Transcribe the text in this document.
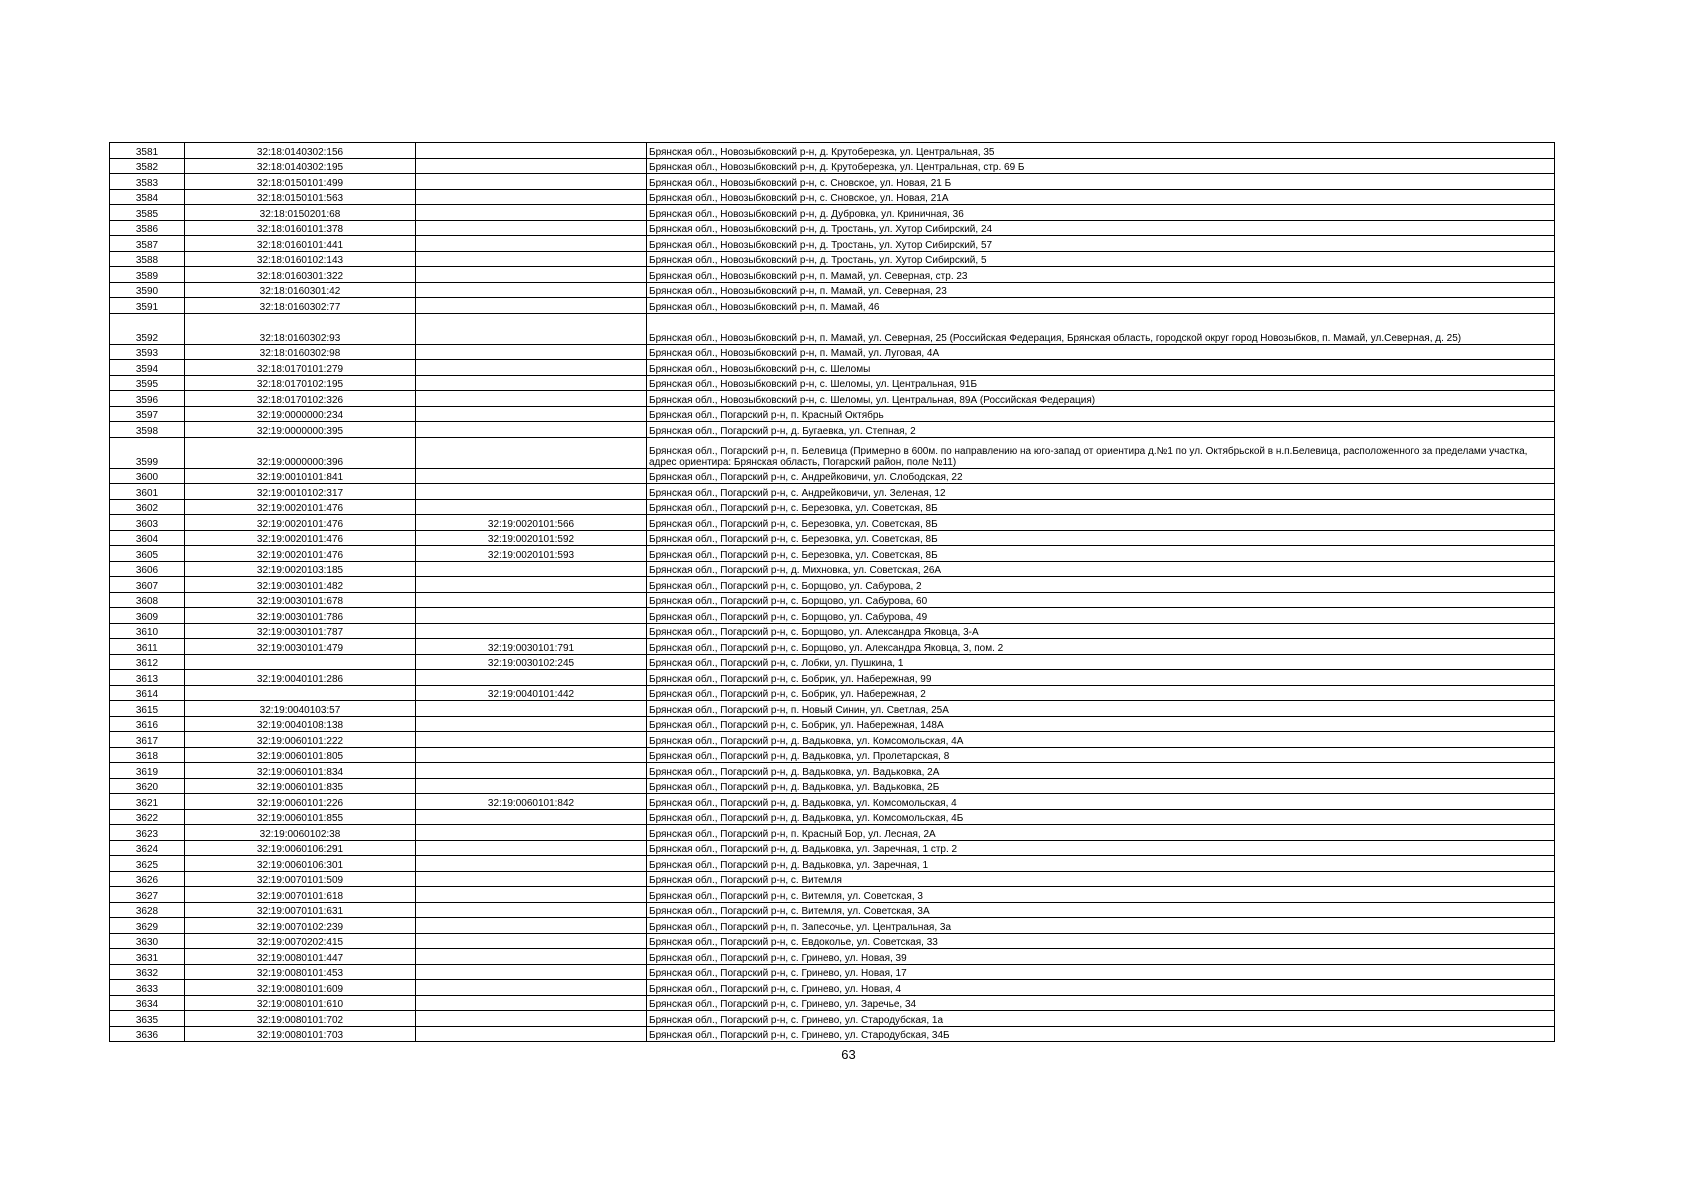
3581	32:18:0140302:156		Брянская обл., Новозыбковский р-н, д. Крутоберезка, ул. Центральная, 35
3582	32:18:0140302:195		Брянская обл., Новозыбковский р-н, д. Крутоберезка, ул. Центральная, стр. 69 Б
3583	32:18:0150101:499		Брянская обл., Новозыбковский р-н, с. Сновское, ул. Новая, 21 Б
3584	32:18:0150101:563		Брянская обл., Новозыбковский р-н, с. Сновское, ул. Новая, 21А
3585	32:18:0150201:68		Брянская обл., Новозыбковский р-н, д. Дубровка, ул. Криничная, 36
3586	32:18:0160101:378		Брянская обл., Новозыбковский р-н, д. Тростань, ул. Хутор Сибирский, 24
3587	32:18:0160101:441		Брянская обл., Новозыбковский р-н, д. Тростань, ул. Хутор Сибирский, 57
3588	32:18:0160102:143		Брянская обл., Новозыбковский р-н, д. Тростань, ул. Хутор Сибирский, 5
3589	32:18:0160301:322		Брянская обл., Новозыбковский р-н, п. Мамай, ул. Северная, стр. 23
3590	32:18:0160301:42		Брянская обл., Новозыбковский р-н, п. Мамай, ул. Северная, 23
3591	32:18:0160302:77		Брянская обл., Новозыбковский р-н, п. Мамай, 46
3592	32:18:0160302:93		Брянская обл., Новозыбковский р-н, п. Мамай, ул. Северная, 25 (Российская Федерация, Брянская область, городской округ город Новозыбков, п. Мамай, ул.Северная, д. 25)
3593	32:18:0160302:98		Брянская обл., Новозыбковский р-н, п. Мамай, ул. Луговая, 4А
3594	32:18:0170101:279		Брянская обл., Новозыбковский р-н, с. Шеломы
3595	32:18:0170102:195		Брянская обл., Новозыбковский р-н, с. Шеломы, ул. Центральная, 91Б
3596	32:18:0170102:326		Брянская обл., Новозыбковский р-н, с. Шеломы, ул. Центральная, 89А (Российская Федерация)
3597	32:19:0000000:234		Брянская обл., Погарский р-н, п. Красный Октябрь
3598	32:19:0000000:395		Брянская обл., Погарский р-н, д. Бугаевка, ул. Степная, 2
3599	32:19:0000000:396		Брянская обл., Погарский р-н, п. Белевица (Примерно в 600м. по направлению на юго-запад от ориентира д.№1 по ул. Октябрьской в н.п.Белевица, расположенного за пределами участка, адрес ориентира: Брянская область, Погарский район, поле №11)
3600	32:19:0010101:841		Брянская обл., Погарский р-н, с. Андрейковичи, ул. Слободская, 22
3601	32:19:0010102:317		Брянская обл., Погарский р-н, с. Андрейковичи, ул. Зеленая, 12
3602	32:19:0020101:476		Брянская обл., Погарский р-н, с. Березовка, ул. Советская, 8Б
3603	32:19:0020101:476	32:19:0020101:566	Брянская обл., Погарский р-н, с. Березовка, ул. Советская, 8Б
3604	32:19:0020101:476	32:19:0020101:592	Брянская обл., Погарский р-н, с. Березовка, ул. Советская, 8Б
3605	32:19:0020101:476	32:19:0020101:593	Брянская обл., Погарский р-н, с. Березовка, ул. Советская, 8Б
3606	32:19:0020103:185		Брянская обл., Погарский р-н, д. Михновка, ул. Советская, 26А
3607	32:19:0030101:482		Брянская обл., Погарский р-н, с. Борщово, ул. Сабурова, 2
3608	32:19:0030101:678		Брянская обл., Погарский р-н, с. Борщово, ул. Сабурова, 60
3609	32:19:0030101:786		Брянская обл., Погарский р-н, с. Борщово, ул. Сабурова, 49
3610	32:19:0030101:787		Брянская обл., Погарский р-н, с. Борщово, ул. Александра Яковца, 3-А
3611	32:19:0030101:479	32:19:0030101:791	Брянская обл., Погарский р-н, с. Борщово, ул. Александра Яковца, 3, пом. 2
3612		32:19:0030102:245	Брянская обл., Погарский р-н, с. Лобки, ул. Пушкина, 1
3613	32:19:0040101:286		Брянская обл., Погарский р-н, с. Бобрик, ул. Набережная, 99
3614		32:19:0040101:442	Брянская обл., Погарский р-н, с. Бобрик, ул. Набережная, 2
3615	32:19:0040103:57		Брянская обл., Погарский р-н, п. Новый Синин, ул. Светлая, 25А
3616	32:19:0040108:138		Брянская обл., Погарский р-н, с. Бобрик, ул. Набережная, 148А
3617	32:19:0060101:222		Брянская обл., Погарский р-н, д. Вадьковка, ул. Комсомольская, 4А
3618	32:19:0060101:805		Брянская обл., Погарский р-н, д. Вадьковка, ул. Пролетарская, 8
3619	32:19:0060101:834		Брянская обл., Погарский р-н, д. Вадьковка, ул. Вадьковка, 2А
3620	32:19:0060101:835		Брянская обл., Погарский р-н, д. Вадьковка, ул. Вадьковка, 2Б
3621	32:19:0060101:226	32:19:0060101:842	Брянская обл., Погарский р-н, д. Вадьковка, ул. Комсомольская, 4
3622	32:19:0060101:855		Брянская обл., Погарский р-н, д. Вадьковка, ул. Комсомольская, 4Б
3623	32:19:0060102:38		Брянская обл., Погарский р-н, п. Красный Бор, ул. Лесная, 2А
3624	32:19:0060106:291		Брянская обл., Погарский р-н, д. Вадьковка, ул. Заречная, 1 стр. 2
3625	32:19:0060106:301		Брянская обл., Погарский р-н, д. Вадьковка, ул. Заречная, 1
3626	32:19:0070101:509		Брянская обл., Погарский р-н, с. Витемля
3627	32:19:0070101:618		Брянская обл., Погарский р-н, с. Витемля, ул. Советская, 3
3628	32:19:0070101:631		Брянская обл., Погарский р-н, с. Витемля, ул. Советская, 3А
3629	32:19:0070102:239		Брянская обл., Погарский р-н, п. Запесочье, ул. Центральная, 3а
3630	32:19:0070202:415		Брянская обл., Погарский р-н, с. Евдоколье, ул. Советская, 33
3631	32:19:0080101:447		Брянская обл., Погарский р-н, с. Гринево, ул. Новая, 39
3632	32:19:0080101:453		Брянская обл., Погарский р-н, с. Гринево, ул. Новая, 17
3633	32:19:0080101:609		Брянская обл., Погарский р-н, с. Гринево, ул. Новая, 4
3634	32:19:0080101:610		Брянская обл., Погарский р-н, с. Гринево, ул. Заречье, 34
3635	32:19:0080101:702		Брянская обл., Погарский р-н, с. Гринево, ул. Стародубская, 1а
3636	32:19:0080101:703		Брянская обл., Погарский р-н, с. Гринево, ул. Стародубская, 34Б
63
